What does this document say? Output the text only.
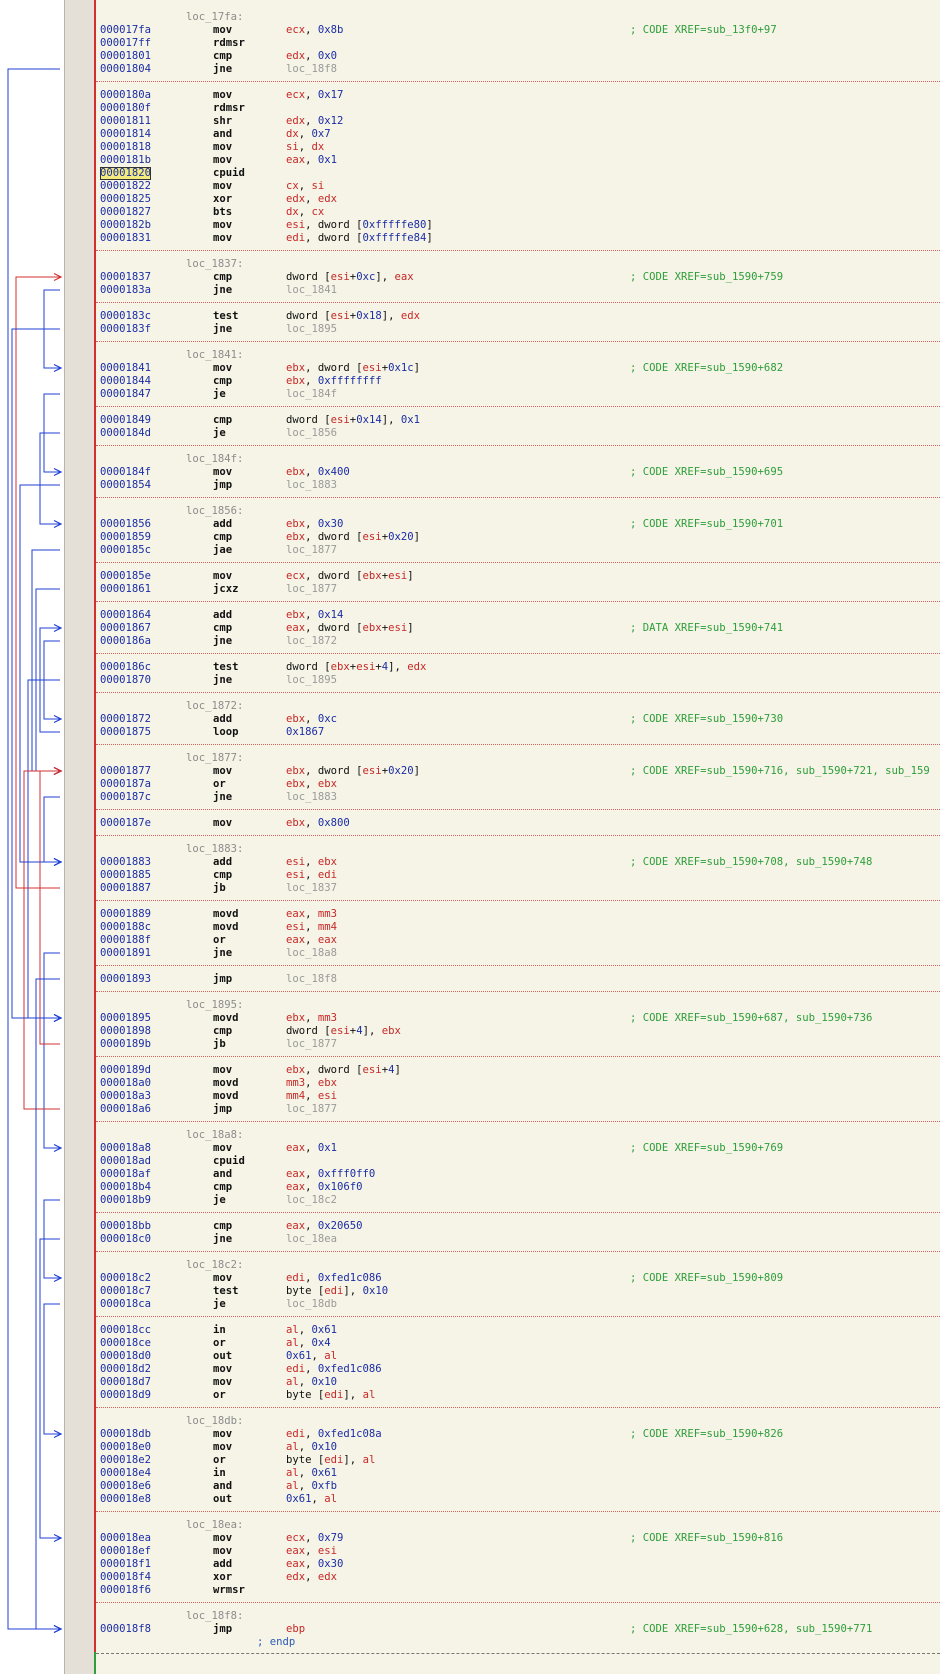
loc_17fa:
000017fa	mov	ecx, 0x8b	; CODE XREF=sub_13f0+97
000017ff	rdmsr
00001801	cmp	edx, 0x0
00001804	jne	loc_18f8
0000180a	mov	ecx, 0x17
0000180f	rdmsr
00001811	shr	edx, 0x12
00001814	and	dx, 0x7
00001818	mov	si, dx
0000181b	mov	eax, 0x1
00001820	cpuid
00001822	mov	cx, si
00001825	xor	edx, edx
00001827	bts	dx, cx
0000182b	mov	esi, dword [0xfffffe80]
00001831	mov	edi, dword [0xfffffe84]
loc_1837:
00001837	cmp	dword [esi+0xc], eax	; CODE XREF=sub_1590+759
0000183a	jne	loc_1841
0000183c	test	dword [esi+0x18], edx
0000183f	jne	loc_1895
loc_1841:
00001841	mov	ebx, dword [esi+0x1c]	; CODE XREF=sub_1590+682
00001844	cmp	ebx, 0xffffffff
00001847	je	loc_184f
00001849	cmp	dword [esi+0x14], 0x1
0000184d	je	loc_1856
loc_184f:
0000184f	mov	ebx, 0x400	; CODE XREF=sub_1590+695
00001854	jmp	loc_1883
loc_1856:
00001856	add	ebx, 0x30	; CODE XREF=sub_1590+701
00001859	cmp	ebx, dword [esi+0x20]
0000185c	jae	loc_1877
0000185e	mov	ecx, dword [ebx+esi]
00001861	jcxz	loc_1877
00001864	add	ebx, 0x14
00001867	cmp	eax, dword [ebx+esi]	; DATA XREF=sub_1590+741
0000186a	jne	loc_1872
0000186c	test	dword [ebx+esi+4], edx
00001870	jne	loc_1895
loc_1872:
00001872	add	ebx, 0xc	; CODE XREF=sub_1590+730
00001875	loop	0x1867
loc_1877:
00001877	mov	ebx, dword [esi+0x20]	; CODE XREF=sub_1590+716, sub_1590+721, sub_159
0000187a	or	ebx, ebx
0000187c	jne	loc_1883
0000187e	mov	ebx, 0x800
loc_1883:
00001883	add	esi, ebx	; CODE XREF=sub_1590+708, sub_1590+748
00001885	cmp	esi, edi
00001887	jb	loc_1837
00001889	movd	eax, mm3
0000188c	movd	esi, mm4
0000188f	or	eax, eax
00001891	jne	loc_18a8
00001893	jmp	loc_18f8
loc_1895:
00001895	movd	ebx, mm3	; CODE XREF=sub_1590+687, sub_1590+736
00001898	cmp	dword [esi+4], ebx
0000189b	jb	loc_1877
0000189d	mov	ebx, dword [esi+4]
000018a0	movd	mm3, ebx
000018a3	movd	mm4, esi
000018a6	jmp	loc_1877
loc_18a8:
000018a8	mov	eax, 0x1	; CODE XREF=sub_1590+769
000018ad	cpuid
000018af	and	eax, 0xfff0ff0
000018b4	cmp	eax, 0x106f0
000018b9	je	loc_18c2
000018bb	cmp	eax, 0x20650
000018c0	jne	loc_18ea
loc_18c2:
000018c2	mov	edi, 0xfed1c086	; CODE XREF=sub_1590+809
000018c7	test	byte [edi], 0x10
000018ca	je	loc_18db
000018cc	in	al, 0x61
000018ce	or	al, 0x4
000018d0	out	0x61, al
000018d2	mov	edi, 0xfed1c086
000018d7	mov	al, 0x10
000018d9	or	byte [edi], al
loc_18db:
000018db	mov	edi, 0xfed1c08a	; CODE XREF=sub_1590+826
000018e0	mov	al, 0x10
000018e2	or	byte [edi], al
000018e4	in	al, 0x61
000018e6	and	al, 0xfb
000018e8	out	0x61, al
loc_18ea:
000018ea	mov	ecx, 0x79	; CODE XREF=sub_1590+816
000018ef	mov	eax, esi
000018f1	add	eax, 0x30
000018f4	xor	edx, edx
000018f6	wrmsr
loc_18f8:
000018f8	jmp	ebp	; CODE XREF=sub_1590+628, sub_1590+771
; endp
